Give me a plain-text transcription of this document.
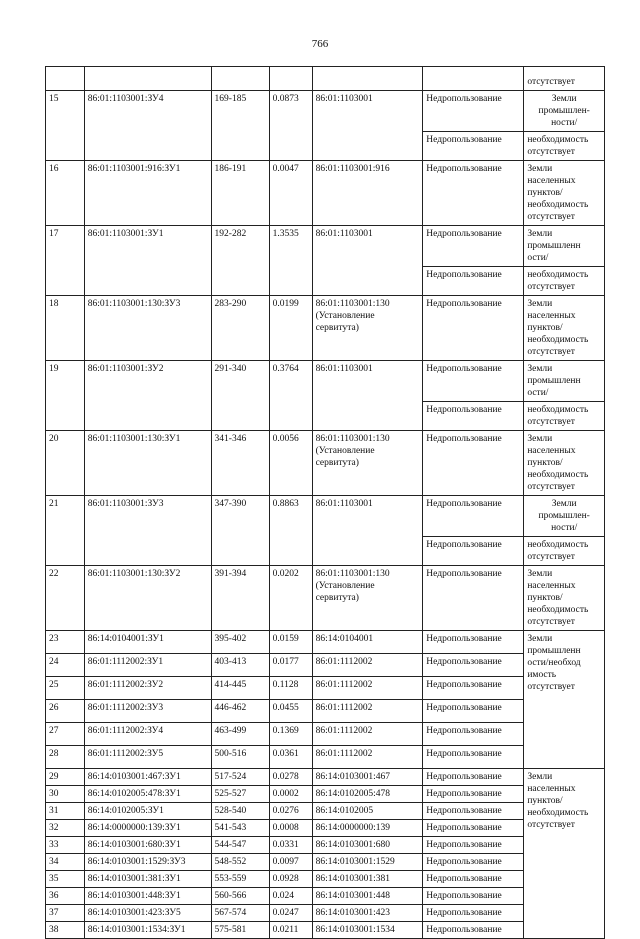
766

						отсутствует

15	86:01:1103001:ЗУ4	169-185	0.0873	86:01:1103001	Недропользование	Земли
промышлен-
ности/

					Недропользование	необходимость
отсутствует

16	86:01:1103001:916:ЗУ1	186-191	0.0047	86:01:1103001:916	Недропользование	Земли
населенных
пунктов/
необходимость
отсутствует

17	86:01:1103001:ЗУ1	192-282	1.3535	86:01:1103001	Недропользование	Земли
промышленн
ости/

					Недропользование	необходимость
отсутствует

18	86:01:1103001:130:ЗУ3	283-290	0.0199	86:01:1103001:130
(Установление
сервитута)	Недропользование	Земли
населенных
пунктов/
необходимость
отсутствует

19	86:01:1103001:ЗУ2	291-340	0.3764	86:01:1103001	Недропользование	Земли
промышленн
ости/

					Недропользование	необходимость
отсутствует

20	86:01:1103001:130:ЗУ1	341-346	0.0056	86:01:1103001:130
(Установление
сервитута)	Недропользование	Земли
населенных
пунктов/
необходимость
отсутствует

21	86:01:1103001:ЗУ3	347-390	0.8863	86:01:1103001	Недропользование	Земли
промышлен-
ности/

					Недропользование	необходимость
отсутствует

22	86:01:1103001:130:ЗУ2	391-394	0.0202	86:01:1103001:130
(Установление
сервитута)	Недропользование	Земли
населенных
пунктов/
необходимость
отсутствует

23	86:14:0104001:ЗУ1	395-402	0.0159	86:14:0104001	Недропользование	Земли
промышленн
ости/необход
имость
отсутствует

24	86:01:1112002:ЗУ1	403-413	0.0177	86:01:1112002	Недропользование	
25	86:01:1112002:ЗУ2	414-445	0.1128	86:01:1112002	Недропользование	
26	86:01:1112002:ЗУ3	446-462	0.0455	86:01:1112002	Недропользование	
27	86:01:1112002:ЗУ4	463-499	0.1369	86:01:1112002	Недропользование	
28	86:01:1112002:ЗУ5	500-516	0.0361	86:01:1112002	Недропользование	
29	86:14:0103001:467:ЗУ1	517-524	0.0278	86:14:0103001:467	Недропользование	Земли
населенных
пунктов/
необходимость
отсутствует

30	86:14:0102005:478:ЗУ1	525-527	0.0002	86:14:0102005:478	Недропользование	
31	86:14:0102005:ЗУ1	528-540	0.0276	86:14:0102005	Недропользование	
32	86:14:0000000:139:ЗУ1	541-543	0.0008	86:14:0000000:139	Недропользование	
33	86:14:0103001:680:ЗУ1	544-547	0.0331	86:14:0103001:680	Недропользование	
34	86:14:0103001:1529:ЗУ3	548-552	0.0097	86:14:0103001:1529	Недропользование	
35	86:14:0103001:381:ЗУ1	553-559	0.0928	86:14:0103001:381	Недропользование	
36	86:14:0103001:448:ЗУ1	560-566	0.024	86:14:0103001:448	Недропользование	
37	86:14:0103001:423:ЗУ5	567-574	0.0247	86:14:0103001:423	Недропользование	
38	86:14:0103001:1534:ЗУ1	575-581	0.0211	86:14:0103001:1534	Недропользование	
